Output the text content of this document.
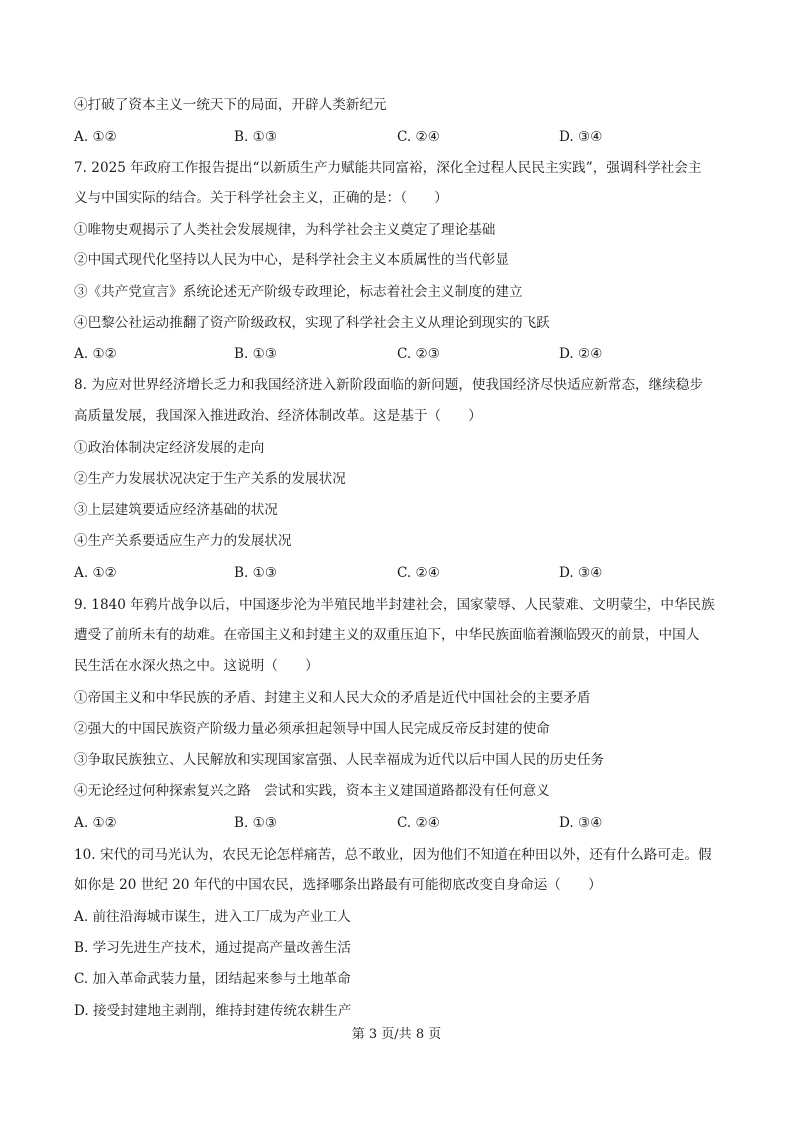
④打破了资本主义一统天下的局面，开辟人类新纪元
A. ①②	B. ①③	C. ②④	D. ③④
7. 2025 年政府工作报告提出“以新质生产力赋能共同富裕，深化全过程人民民主实践”，强调科学社会主
义与中国实际的结合。关于科学社会主义，正确的是：（　　）
①唯物史观揭示了人类社会发展规律，为科学社会主义奠定了理论基础
②中国式现代化坚持以人民为中心，是科学社会主义本质属性的当代彰显
③《共产党宣言》系统论述无产阶级专政理论，标志着社会主义制度的建立
④巴黎公社运动推翻了资产阶级政权，实现了科学社会主义从理论到现实的飞跃
A. ①②	B. ①③	C. ②③	D. ②④
8. 为应对世界经济增长乏力和我国经济进入新阶段面临的新问题，使我国经济尽快适应新常态，继续稳步
高质量发展，我国深入推进政治、经济体制改革。这是基于（　　）
①政治体制决定经济发展的走向
②生产力发展状况决定于生产关系的发展状况
③上层建筑要适应经济基础的状况
④生产关系要适应生产力的发展状况
A. ①②	B. ①③	C. ②④	D. ③④
9. 1840 年鸦片战争以后，中国逐步沦为半殖民地半封建社会，国家蒙辱、人民蒙难、文明蒙尘，中华民族
遭受了前所未有的劫难。在帝国主义和封建主义的双重压迫下，中华民族面临着濒临毁灭的前景，中国人
民生活在水深火热之中。这说明（　　）
①帝国主义和中华民族的矛盾、封建主义和人民大众的矛盾是近代中国社会的主要矛盾
②强大的中国民族资产阶级力量必须承担起领导中国人民完成反帝反封建的使命
③争取民族独立、人民解放和实现国家富强、人民幸福成为近代以后中国人民的历史任务
④无论经过何种探索复兴之路　尝试和实践，资本主义建国道路都没有任何意义
A. ①②	B. ①③	C. ②④	D. ③④
10. 宋代的司马光认为，农民无论怎样痛苦，总不敢业，因为他们不知道在种田以外，还有什么路可走。假
如你是 20 世纪 20 年代的中国农民，选择哪条出路最有可能彻底改变自身命运（　　）
A. 前往沿海城市谋生，进入工厂成为产业工人
B. 学习先进生产技术，通过提高产量改善生活
C. 加入革命武装力量，团结起来参与土地革命
D. 接受封建地主剥削，维持封建传统农耕生产
第 3 页/共 8 页
